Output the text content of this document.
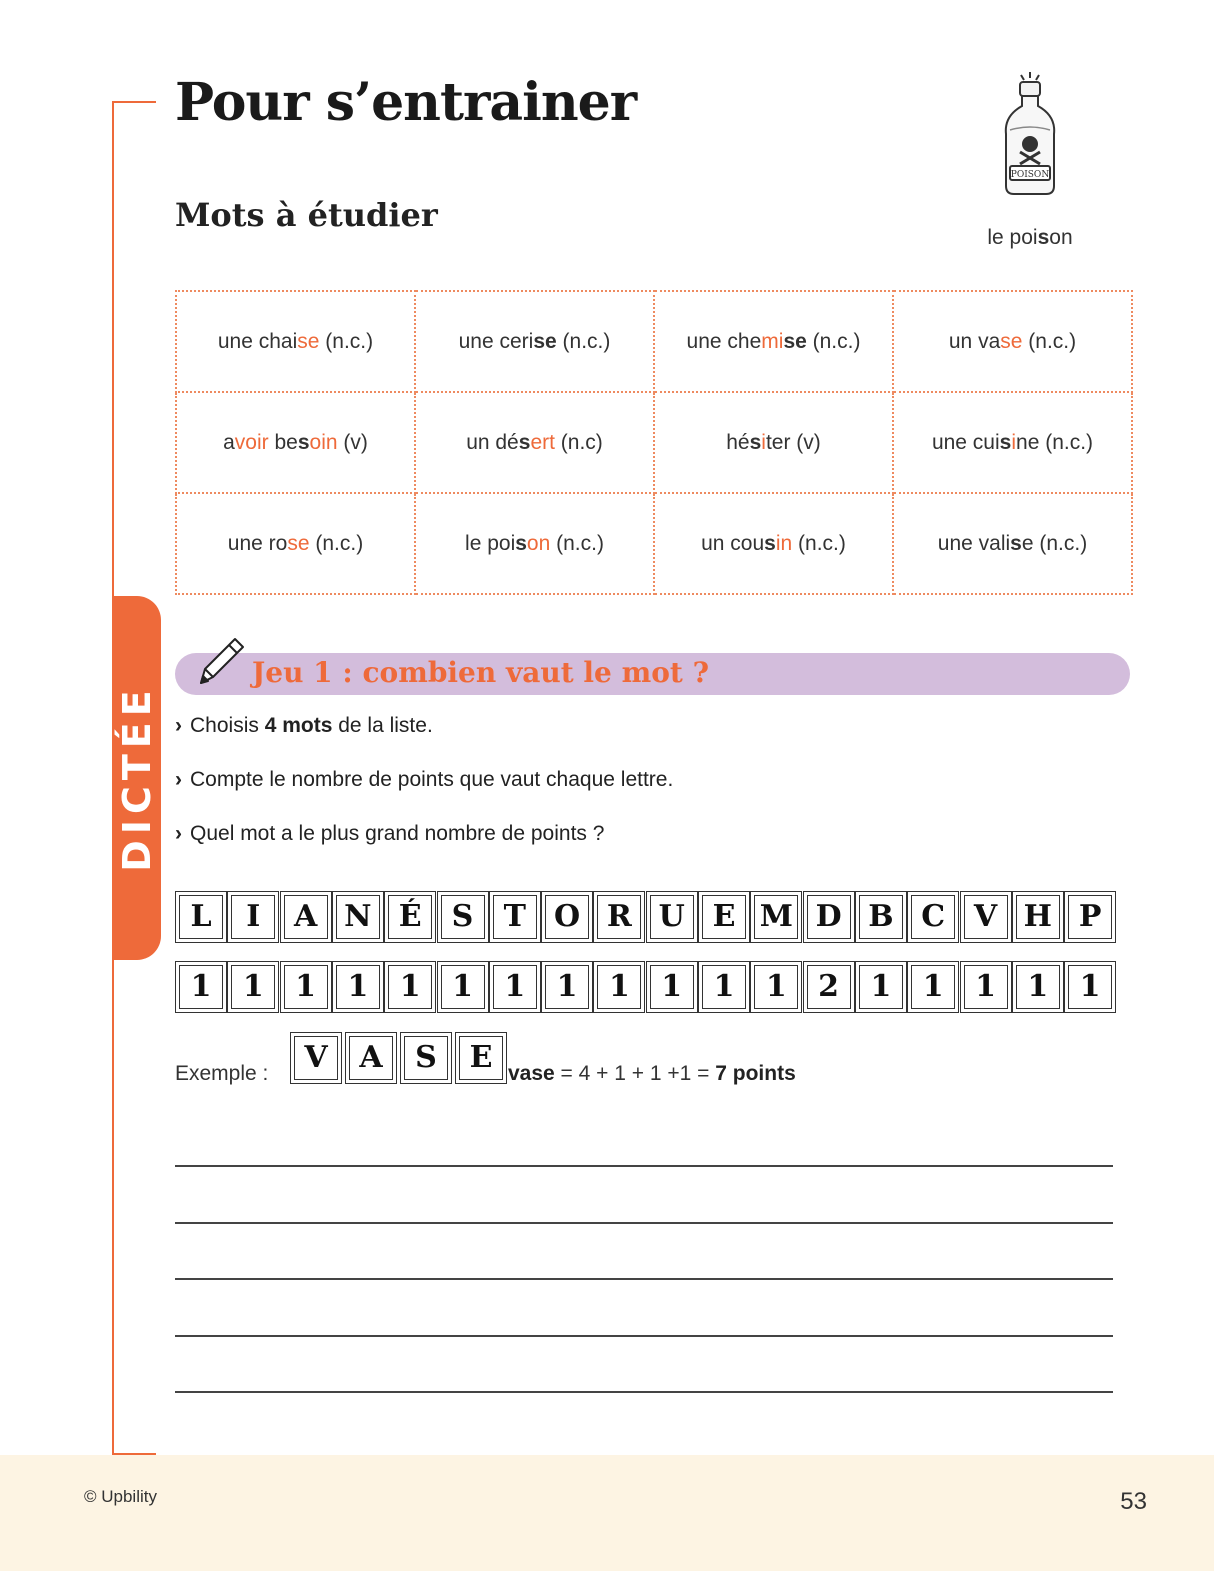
DICTÉE
Pour s’entrainer
Mots à étudier
POISON

le poison

une chaise (n.c.)	une cerise (n.c.)	une chemise (n.c.)	un vase (n.c.)
avoir besoin (v)	un désert (n.c)	hésiter (v)	une cuisine (n.c.)
une rose (n.c.)	le poison (n.c.)	un cousin (n.c.)	une valise (n.c.)
Jeu 1 : combien vaut le mot ?

› Choisis 4 mots de la liste.

› Compte le nombre de points que vaut chaque lettre.

› Quel mot a le plus grand nombre de points ?

L	I	A N É	S	T O R U E M D B C V H P
1	1	1	1	1	1	1	1	1	1	1	1	2	1	1	1	1	1

Exemple :	V	A	S	E vase = 4 + 1 + 1 +1 = 7 points

© Upbility	53
